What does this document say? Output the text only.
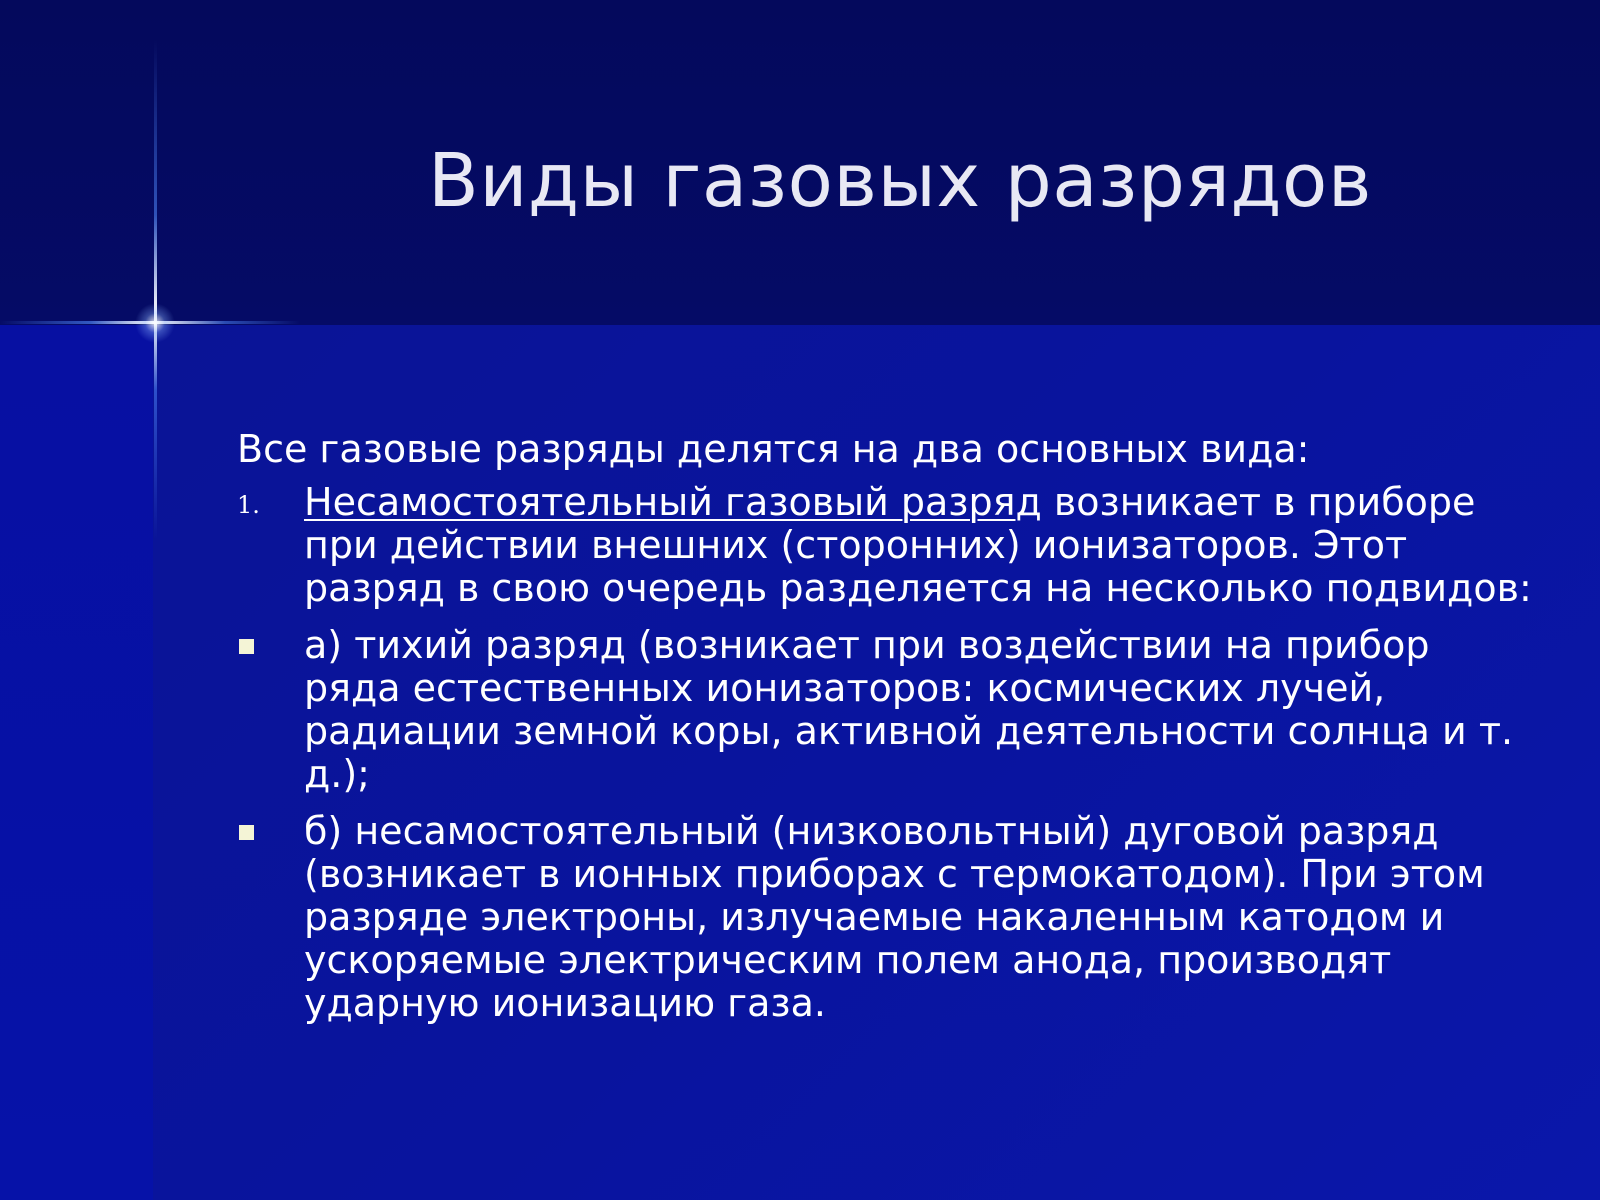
Виды газовых разрядов

Все газовые разряды делятся на два основных вида:

1. Несамостоятельный газовый разряд возникает в приборе при действии внешних (сторонних) ионизаторов. Этот разряд в свою очередь разделяется на несколько подвидов:
а) тихий разряд (возникает при воздействии на прибор ряда естественных ионизаторов: космических лучей, радиации земной коры, активной деятельности солнца и т. д.);
б) несамостоятельный (низковольтный) дуговой разряд (возникает в ионных приборах с термокатодом). При этом разряде электроны, излучаемые накаленным катодом и ускоряемые электрическим полем анода, производят ударную ионизацию газа.
